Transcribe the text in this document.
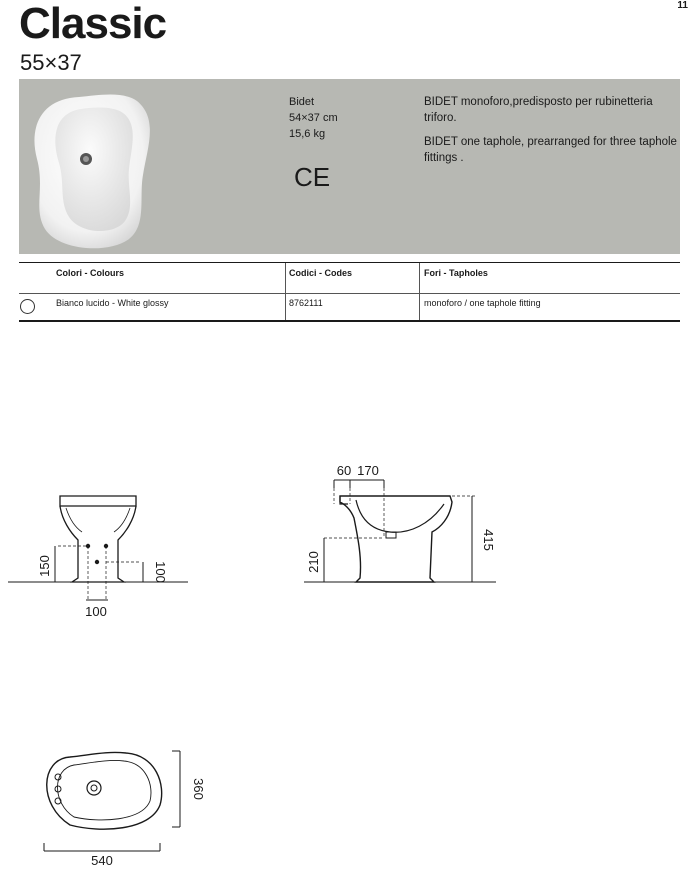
Classic
55×37
11
Bidet
54×37 cm
15,6 kg
CE

BIDET monoforo,predisposto per rubinetteria triforo.

BIDET one taphole, prearranged for three taphole fittings .

Colori - Colours	Codici - Codes	Fori - Tapholes
Bianco lucido - White glossy	8762111	monoforo / one taphole fitting
150	100
100
60 170
210
415
360
540
